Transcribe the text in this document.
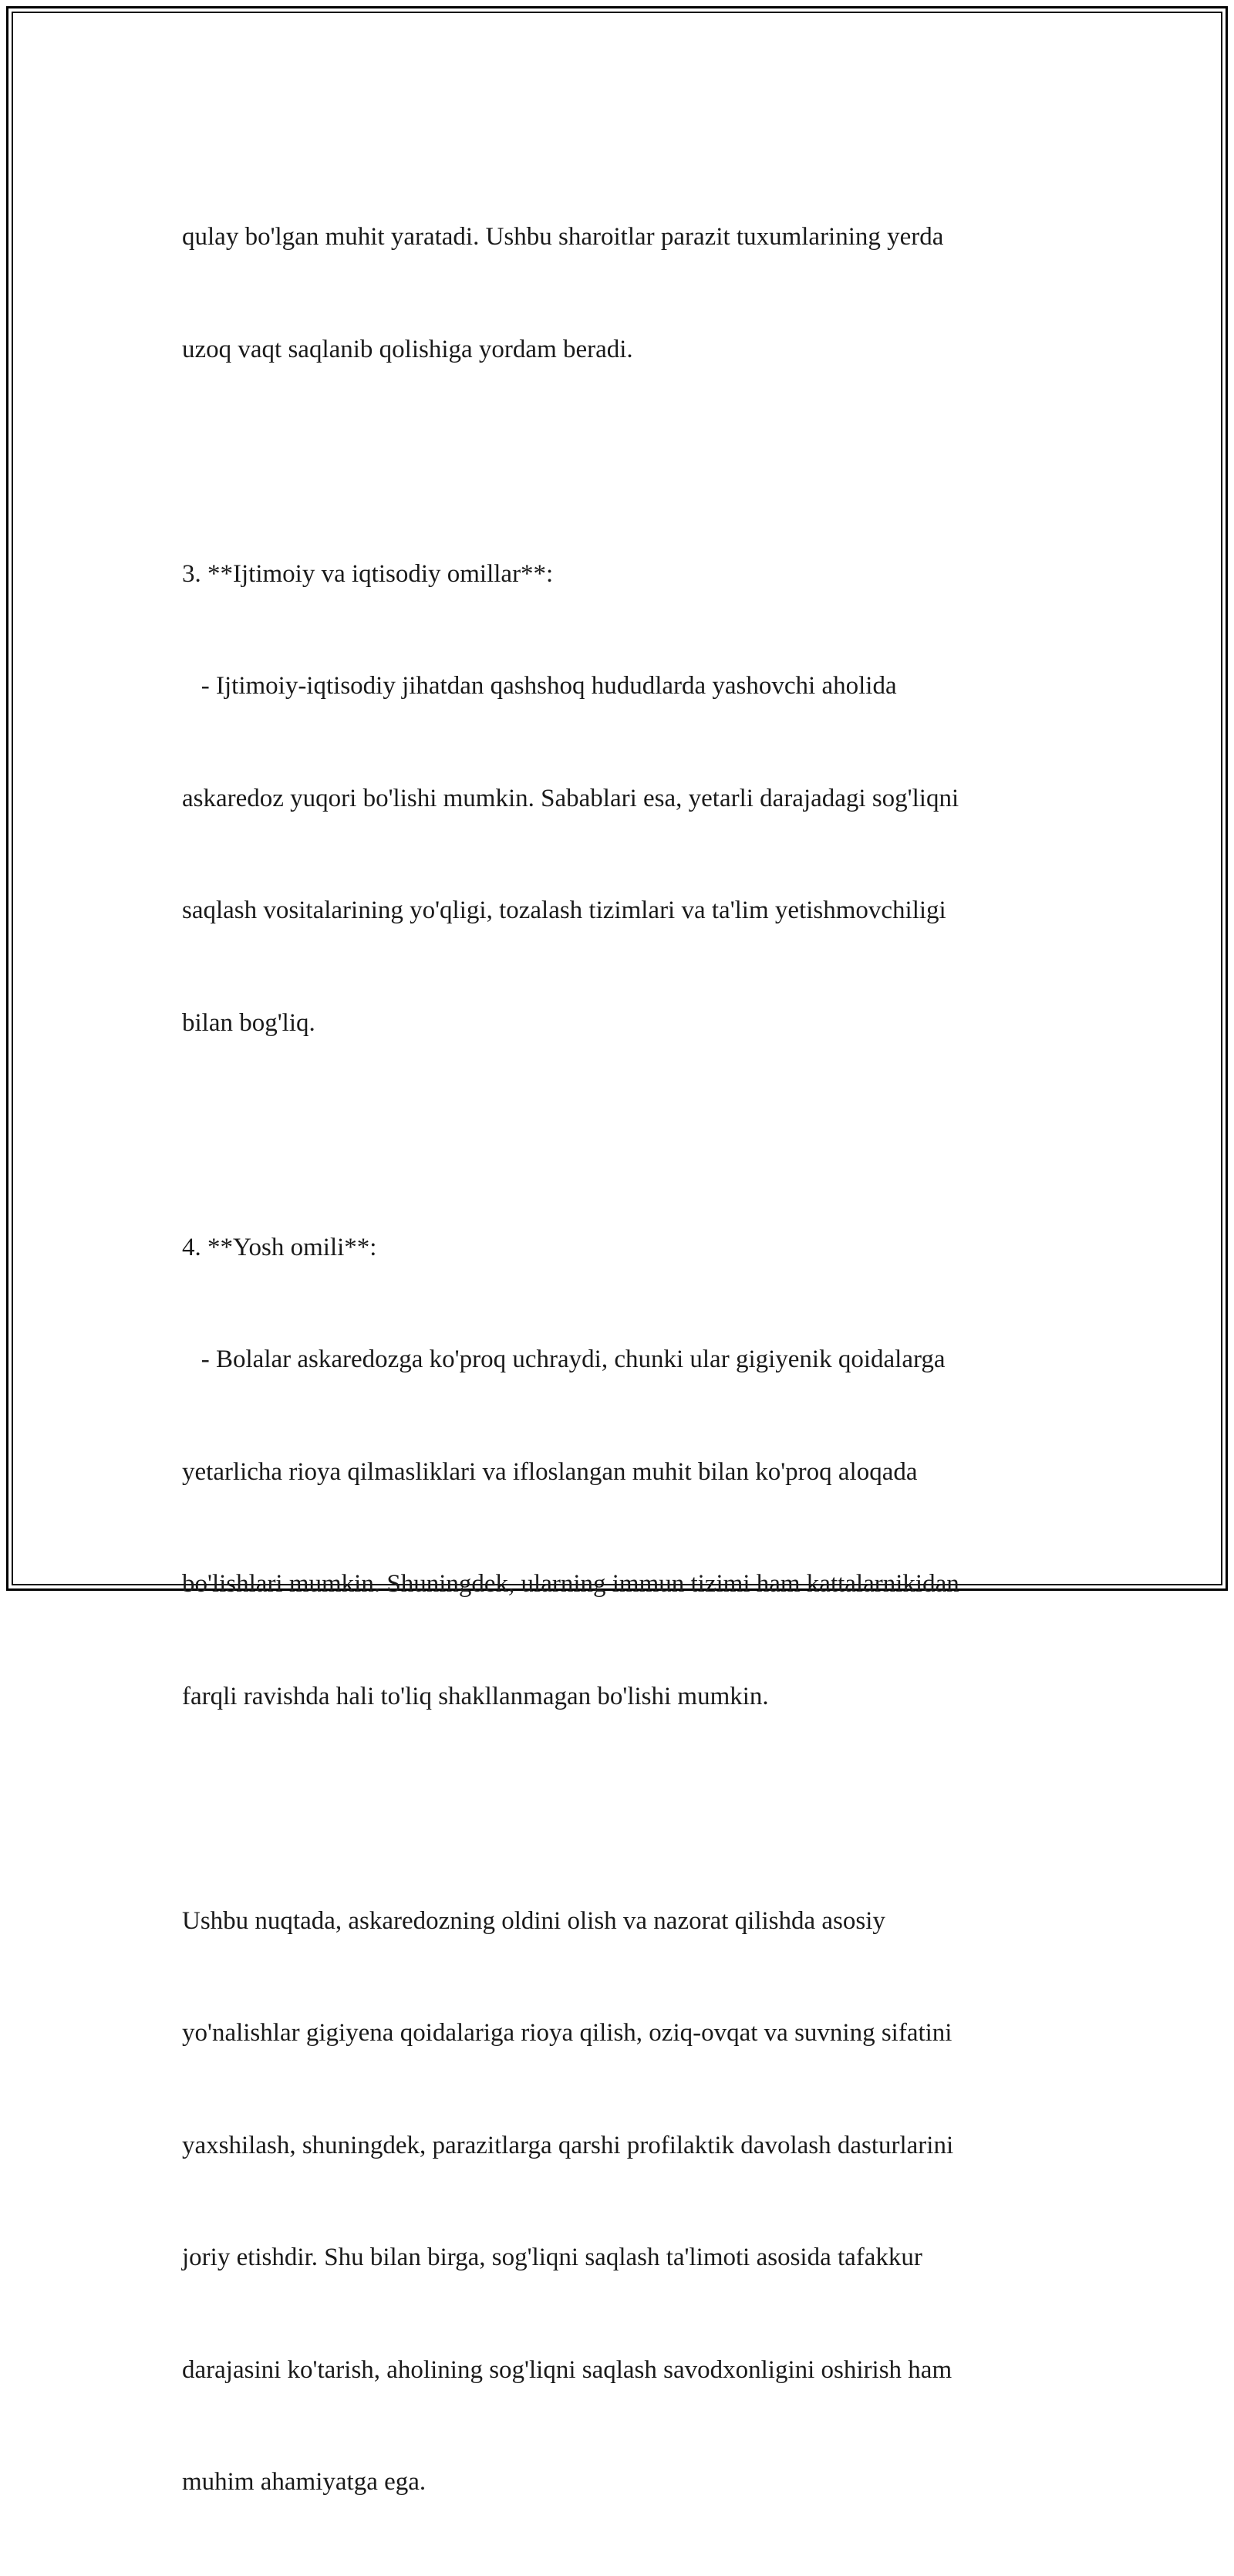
qulay bo'lgan muhit yaratadi. Ushbu sharoitlar parazit tuxumlarining yerda

uzoq vaqt saqlanib qolishiga yordam beradi.

3. **Ijtimoiy va iqtisodiy omillar**:

- Ijtimoiy-iqtisodiy jihatdan qashshoq hududlarda yashovchi aholida

askaredoz yuqori bo'lishi mumkin. Sabablari esa, yetarli darajadagi sog'liqni

saqlash vositalarining yo'qligi, tozalash tizimlari va ta'lim yetishmovchiligi

bilan bog'liq.

4. **Yosh omili**:

- Bolalar askaredozga ko'proq uchraydi, chunki ular gigiyenik qoidalarga

yetarlicha rioya qilmasliklari va ifloslangan muhit bilan ko'proq aloqada

bo'lishlari mumkin. Shuningdek, ularning immun tizimi ham kattalarnikidan

farqli ravishda hali to'liq shakllanmagan bo'lishi mumkin.

Ushbu nuqtada, askaredozning oldini olish va nazorat qilishda asosiy

yo'nalishlar gigiyena qoidalariga rioya qilish, oziq-ovqat va suvning sifatini

yaxshilash, shuningdek, parazitlarga qarshi profilaktik davolash dasturlarini

joriy etishdir. Shu bilan birga, sog'liqni saqlash ta'limoti asosida tafakkur

darajasini ko'tarish, aholining sog'liqni saqlash savodxonligini oshirish ham

muhim ahamiyatga ega.
